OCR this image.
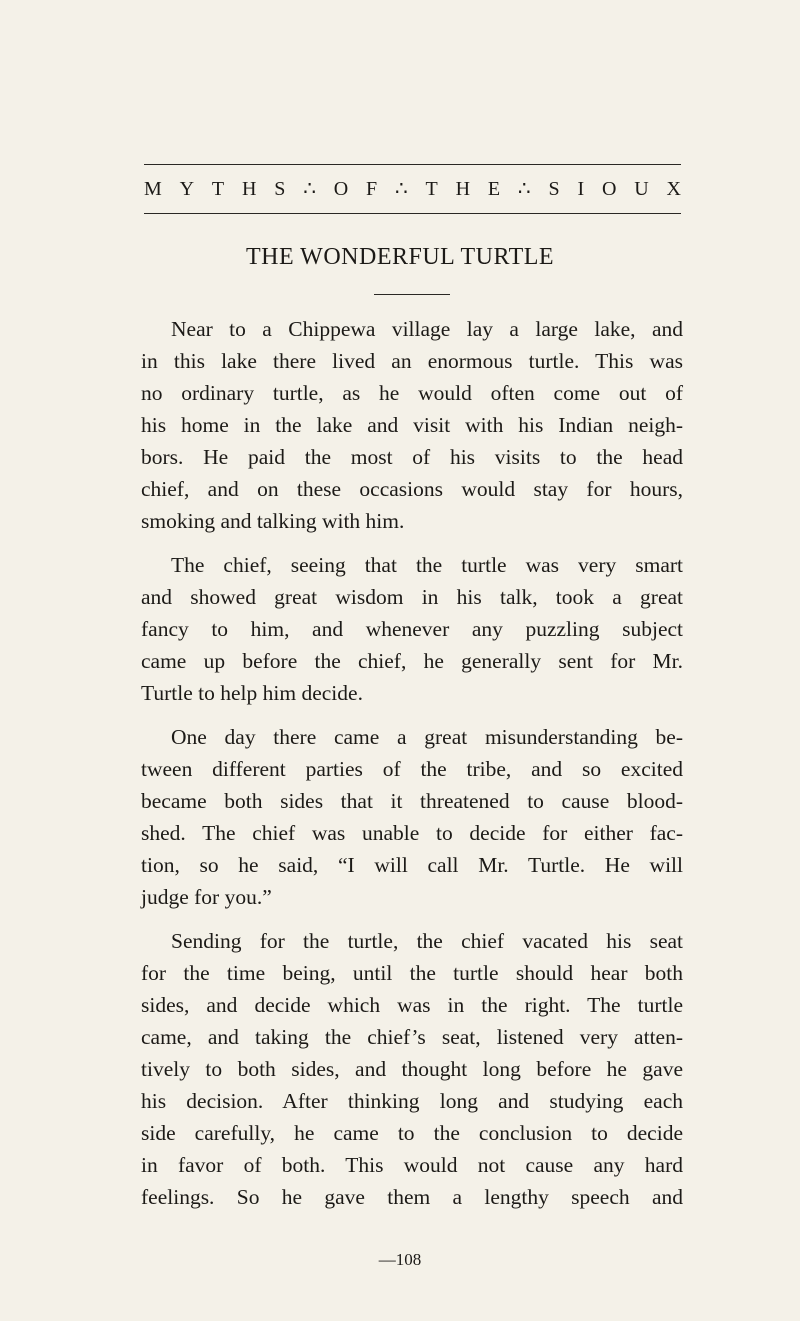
M Y T H S ∴ O F ∴ T H E ∴ S I O U X
THE WONDERFUL TURTLE

Near to a Chippewa village lay a large lake, and
in this lake there lived an enormous turtle. This was
no ordinary turtle, as he would often come out of
his home in the lake and visit with his Indian neigh-
bors. He paid the most of his visits to the head
chief, and on these occasions would stay for hours,
smoking and talking with him.

The chief, seeing that the turtle was very smart
and showed great wisdom in his talk, took a great
fancy to him, and whenever any puzzling subject
came up before the chief, he generally sent for Mr.
Turtle to help him decide.

One day there came a great misunderstanding be-
tween different parties of the tribe, and so excited
became both sides that it threatened to cause blood-
shed. The chief was unable to decide for either fac-
tion, so he said, “I will call Mr. Turtle. He will
judge for you.”

Sending for the turtle, the chief vacated his seat
for the time being, until the turtle should hear both
sides, and decide which was in the right. The turtle
came, and taking the chief’s seat, listened very atten-
tively to both sides, and thought long before he gave
his decision. After thinking long and studying each
side carefully, he came to the conclusion to decide
in favor of both. This would not cause any hard
feelings. So he gave them a lengthy speech and

—108
